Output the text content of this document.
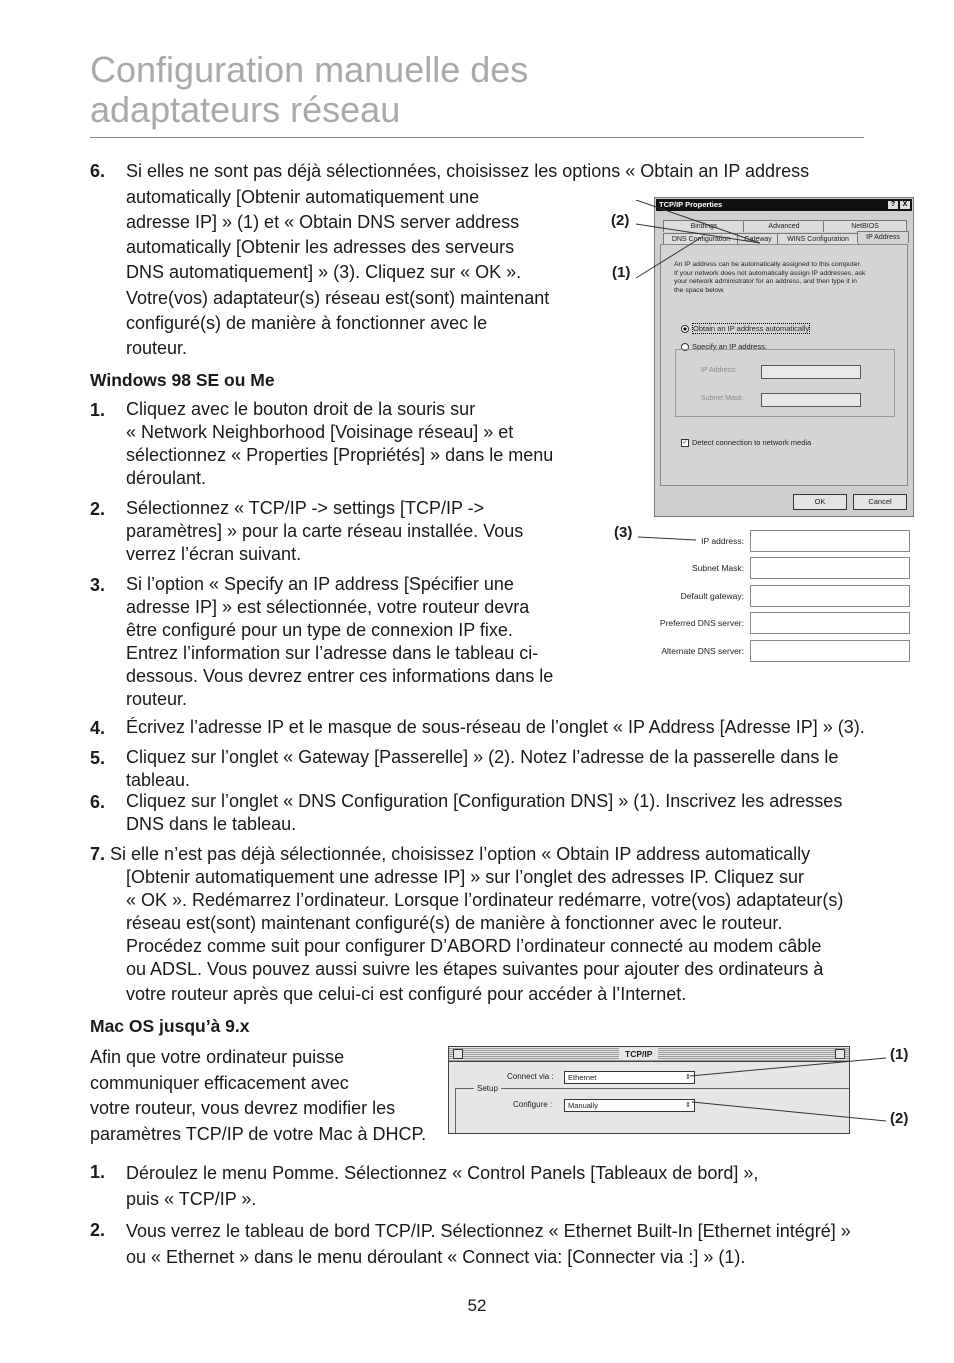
Configuration manuelle des
adaptateurs réseau
6. Si elles ne sont pas déjà sélectionnées, choisissez les options « Obtain an IP address
automatically [Obtenir automatiquement une
adresse IP] » (1) et « Obtain DNS server address
automatically [Obtenir les adresses des serveurs
DNS automatiquement] » (3). Cliquez sur « OK ».
Votre(vos) adaptateur(s) réseau est(sont) maintenant
configuré(s) de manière à fonctionner avec le
routeur.
Windows 98 SE ou Me
1. Cliquez avec le bouton droit de la souris sur
« Network Neighborhood [Voisinage réseau] » et
sélectionnez « Properties [Propriétés] » dans le menu
déroulant.
2. Sélectionnez « TCP/IP -> settings [TCP/IP ->
paramètres] » pour la carte réseau installée. Vous
verrez l’écran suivant.
3. Si l’option « Specify an IP address [Spécifier une
adresse IP] » est sélectionnée, votre routeur devra
être configuré pour un type de connexion IP fixe.
Entrez l’information sur l’adresse dans le tableau ci-
dessous. Vous devrez entrer ces informations dans le
routeur.
4. Écrivez l’adresse IP et le masque de sous-réseau de l’onglet « IP Address [Adresse IP] » (3).
5. Cliquez sur l’onglet « Gateway [Passerelle] » (2). Notez l’adresse de la passerelle dans le
tableau.
6. Cliquez sur l’onglet « DNS Configuration [Configuration DNS] » (1). Inscrivez les adresses
DNS dans le tableau.
7. Si elle n’est pas déjà sélectionnée, choisissez l’option « Obtain IP address automatically
[Obtenir automatiquement une adresse IP] » sur l’onglet des adresses IP. Cliquez sur
« OK ». Redémarrez l’ordinateur. Lorsque l’ordinateur redémarre, votre(vos) adaptateur(s)
réseau est(sont) maintenant configuré(s) de manière à fonctionner avec le routeur.
Procédez comme suit pour configurer D’ABORD l’ordinateur connecté au modem câble
ou ADSL. Vous pouvez aussi suivre les étapes suivantes pour ajouter des ordinateurs à
votre routeur après que celui-ci est configuré pour accéder à l’Internet.
TCP/IP Properties	?	X
Bindings	Advanced	NetBIOS
DNS Configuration	Gateway	WINS Configuration	IP Address
An IP address can be automatically assigned to this computer.
If your network does not automatically assign IP addresses, ask
your network administrator for an address, and then type it in
the space below.
Obtain an IP address automatically
Specify an IP address:
IP Address:
Subnet Mask:
✓ Detect connection to network media
OK	Cancel
(2)
(1)
(3)	IP address:
Subnet Mask:
Default gateway:
Preferred DNS server:
Alternate DNS server:
Mac OS jusqu’à 9.x
Afin que votre ordinateur puisse
communiquer efficacement avec
votre routeur, vous devrez modifier les
paramètres TCP/IP de votre Mac à DHCP.
TCP/IP
Connect via :	Ethernet	⇕
Setup
Configure :	Manually	⇕
(1)
(2)
1. Déroulez le menu Pomme. Sélectionnez « Control Panels [Tableaux de bord] »,
puis « TCP/IP ».
2. Vous verrez le tableau de bord TCP/IP. Sélectionnez « Ethernet Built-In [Ethernet intégré] »
ou « Ethernet » dans le menu déroulant « Connect via: [Connecter via :] » (1).
52
